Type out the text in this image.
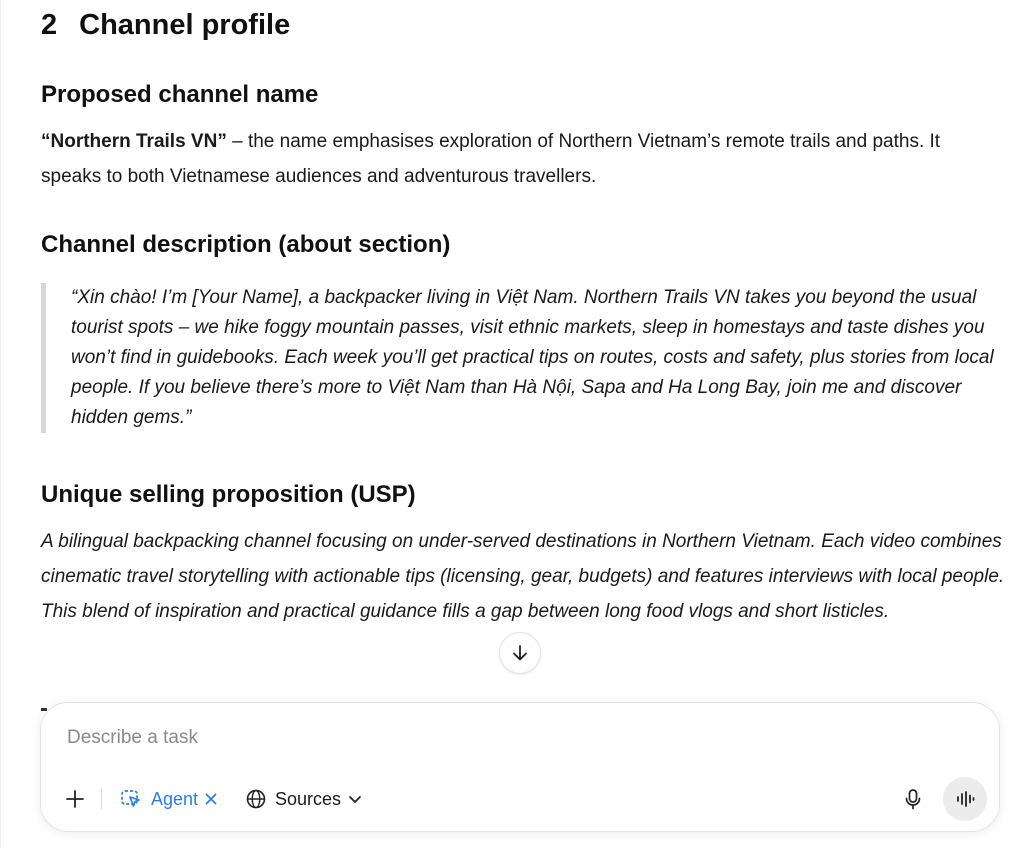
2 Channel profile
Proposed channel name

“Northern Trails VN” – the name emphasises exploration of Northern Vietnam’s remote trails and paths. It speaks to both Vietnamese audiences and adventurous travellers.

Channel description (about section)

“Xin chào! I’m [Your Name], a backpacker living in Việt Nam. Northern Trails VN takes you beyond the usual tourist spots – we hike foggy mountain passes, visit ethnic markets, sleep in homestays and taste dishes you won’t find in guidebooks. Each week you’ll get practical tips on routes, costs and safety, plus stories from local people. If you believe there’s more to Việt Nam than Hà Nội, Sapa and Ha Long Bay, join me and discover hidden gems.”

Unique selling proposition (USP)

A bilingual backpacking channel focusing on under-served destinations in Northern Vietnam. Each video combines cinematic travel storytelling with actionable tips (licensing, gear, budgets) and features interviews with local people. This blend of inspiration and practical guidance fills a gap between long food vlogs and short listicles.

Describe a task
Agent	Sources
